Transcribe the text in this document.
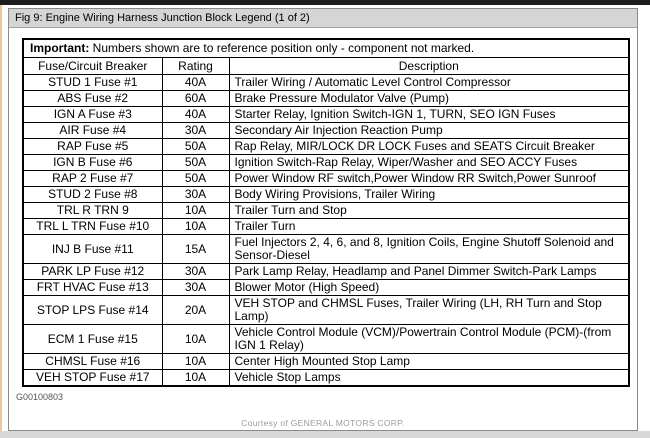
Fig 9: Engine Wiring Harness Junction Block Legend (1 of 2)
Important: Numbers shown are to reference position only - component not marked.		
Fuse/Circuit Breaker	Rating	Description
STUD 1 Fuse #1	40A	Trailer Wiring / Automatic Level Control Compressor
ABS Fuse #2	60A	Brake Pressure Modulator Valve (Pump)
IGN A Fuse #3	40A	Starter Relay, Ignition Switch-IGN 1, TURN, SEO IGN Fuses
AIR Fuse #4	30A	Secondary Air Injection Reaction Pump
RAP Fuse #5	50A	Rap Relay, MIR/LOCK DR LOCK Fuses and SEATS Circuit Breaker
IGN B Fuse #6	50A	Ignition Switch-Rap Relay, Wiper/Washer and SEO ACCY Fuses
RAP 2 Fuse #7	50A	Power Window RF switch,Power Window RR Switch,Power Sunroof
STUD 2 Fuse #8	30A	Body Wiring Provisions, Trailer Wiring
TRL R TRN 9	10A	Trailer Turn and Stop
TRL L TRN Fuse #10	10A	Trailer Turn
INJ B Fuse #11	15A	Fuel Injectors 2, 4, 6, and 8, Ignition Coils, Engine Shutoff Solenoid and Sensor-Diesel
PARK LP Fuse #12	30A	Park Lamp Relay, Headlamp and Panel Dimmer Switch-Park Lamps
FRT HVAC Fuse #13	30A	Blower Motor (High Speed)
STOP LPS Fuse #14	20A	VEH STOP and CHMSL Fuses, Trailer Wiring (LH, RH Turn and Stop Lamp)
ECM 1 Fuse #15	10A	Vehicle Control Module (VCM)/Powertrain Control Module (PCM)-(from IGN 1 Relay)
CHMSL Fuse #16	10A	Center High Mounted Stop Lamp
VEH STOP Fuse #17	10A	Vehicle Stop Lamps
G00100803
Courtesy of GENERAL MOTORS CORP.
